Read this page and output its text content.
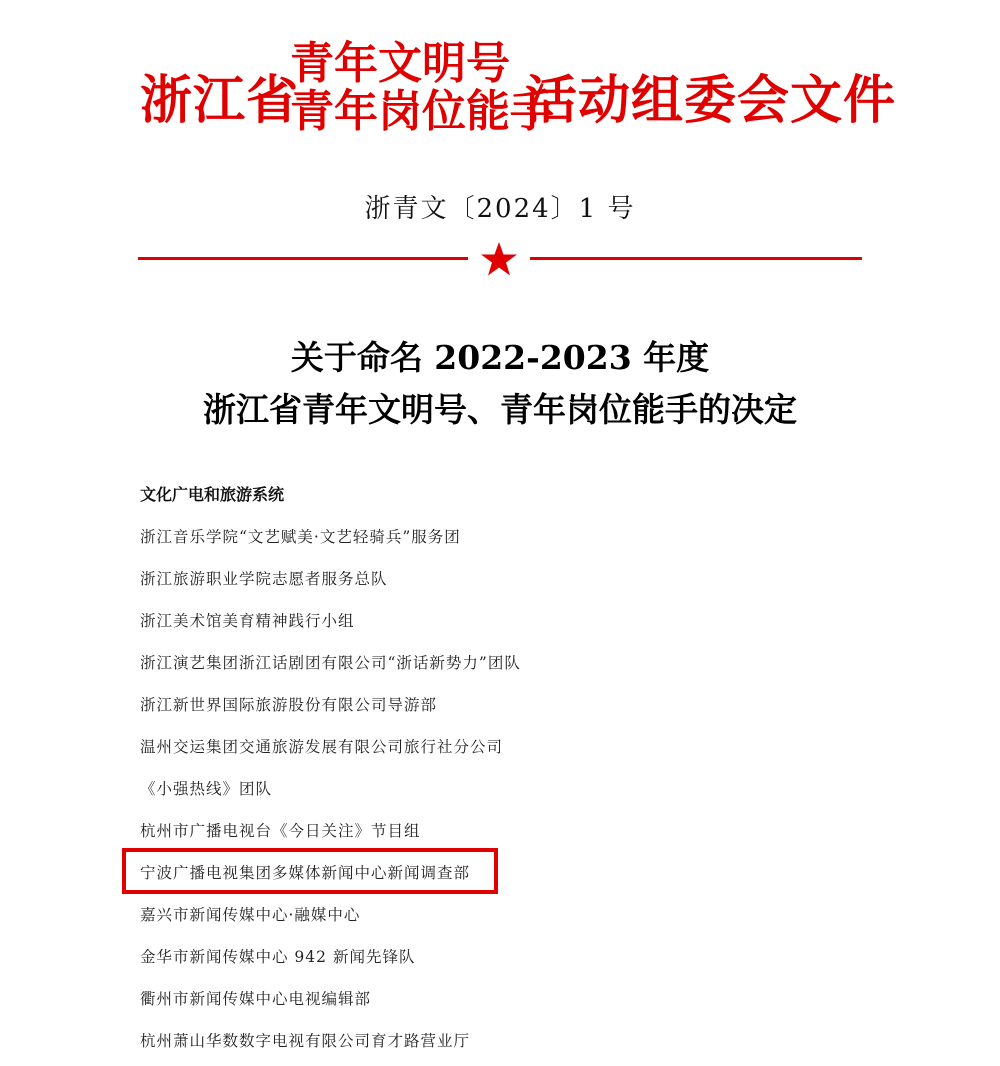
浙江省
青年文明号
青年岗位能手
活动组委会文件
浙青文〔2024〕1 号
关于命名 2022-2023 年度
浙江省青年文明号、青年岗位能手的决定
文化广电和旅游系统
浙江音乐学院“文艺赋美·文艺轻骑兵”服务团
浙江旅游职业学院志愿者服务总队
浙江美术馆美育精神践行小组
浙江演艺集团浙江话剧团有限公司“浙话新势力”团队
浙江新世界国际旅游股份有限公司导游部
温州交运集团交通旅游发展有限公司旅行社分公司
《小强热线》团队
杭州市广播电视台《今日关注》节目组
宁波广播电视集团多媒体新闻中心新闻调查部
嘉兴市新闻传媒中心·融媒中心
金华市新闻传媒中心 942 新闻先锋队
衢州市新闻传媒中心电视编辑部
杭州萧山华数数字电视有限公司育才路营业厅
